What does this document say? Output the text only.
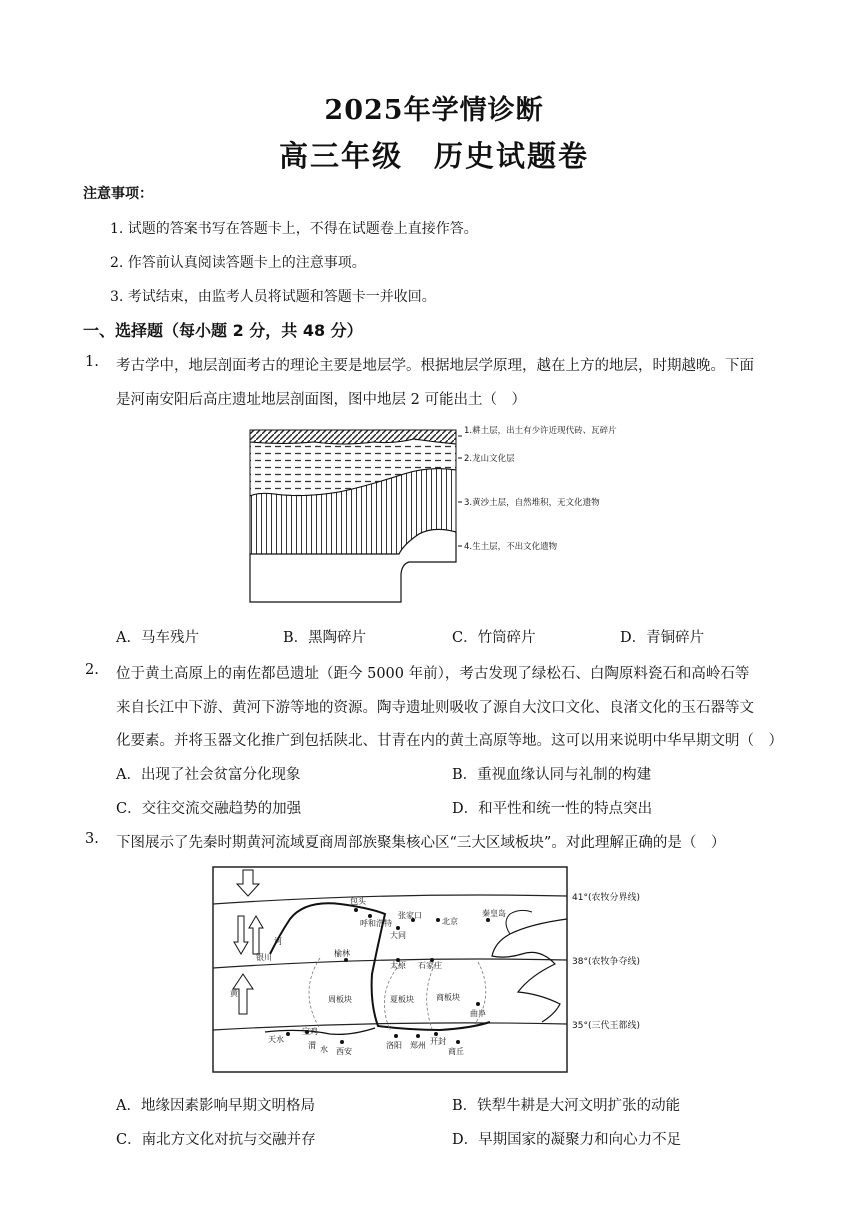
2025年学情诊断
高三年级　历史试题卷
注意事项：
1. 试题的答案书写在答题卡上，不得在试题卷上直接作答。
2. 作答前认真阅读答题卡上的注意事项。
3. 考试结束，由监考人员将试题和答题卡一并收回。
一、选择题（每小题 2 分，共 48 分）
1. 考古学中，地层剖面考古的理论主要是地层学。根据地层学原理，越在上方的地层，时期越晚。下面
是河南安阳后高庄遗址地层剖面图，图中地层 2 可能出土（　）
1.耕土层，出土有少许近现代砖、瓦碎片
2.龙山文化层
3.黄沙土层，自然堆积，无文化遗物
4.生土层，不出文化遗物
A．马车残片	B．黑陶碎片	C．竹筒碎片	D．青铜碎片
2. 位于黄土高原上的南佐都邑遗址（距今 5000 年前），考古发现了绿松石、白陶原料瓷石和高岭石等
来自长江中下游、黄河下游等地的资源。陶寺遗址则吸收了源自大汶口文化、良渚文化的玉石器等文
化要素。并将玉器文化推广到包括陕北、甘青在内的黄土高原等地。这可以用来说明中华早期文明（　）
A．出现了社会贫富分化现象	B．重视血缘认同与礼制的构建
C．交往交流交融趋势的加强	D．和平性和统一性的特点突出
3. 下图展示了先秦时期黄河流域夏商周部族聚集核心区“三大区域板块”。对此理解正确的是（　）
包头
呼和浩特
张家口
北京
秦皇岛
大同
河
银川	榆林
太原 石家庄
黄
周板块	夏板块	商板块
曲阜
天水
宝鸡
渭 水 西安
洛阳 郑州 开封
商丘
41°(农牧分界线)
38°(农牧争夺线)
35°(三代王都线)
A．地缘因素影响早期文明格局	B．铁犁牛耕是大河文明扩张的动能
C．南北方文化对抗与交融并存	D．早期国家的凝聚力和向心力不足
